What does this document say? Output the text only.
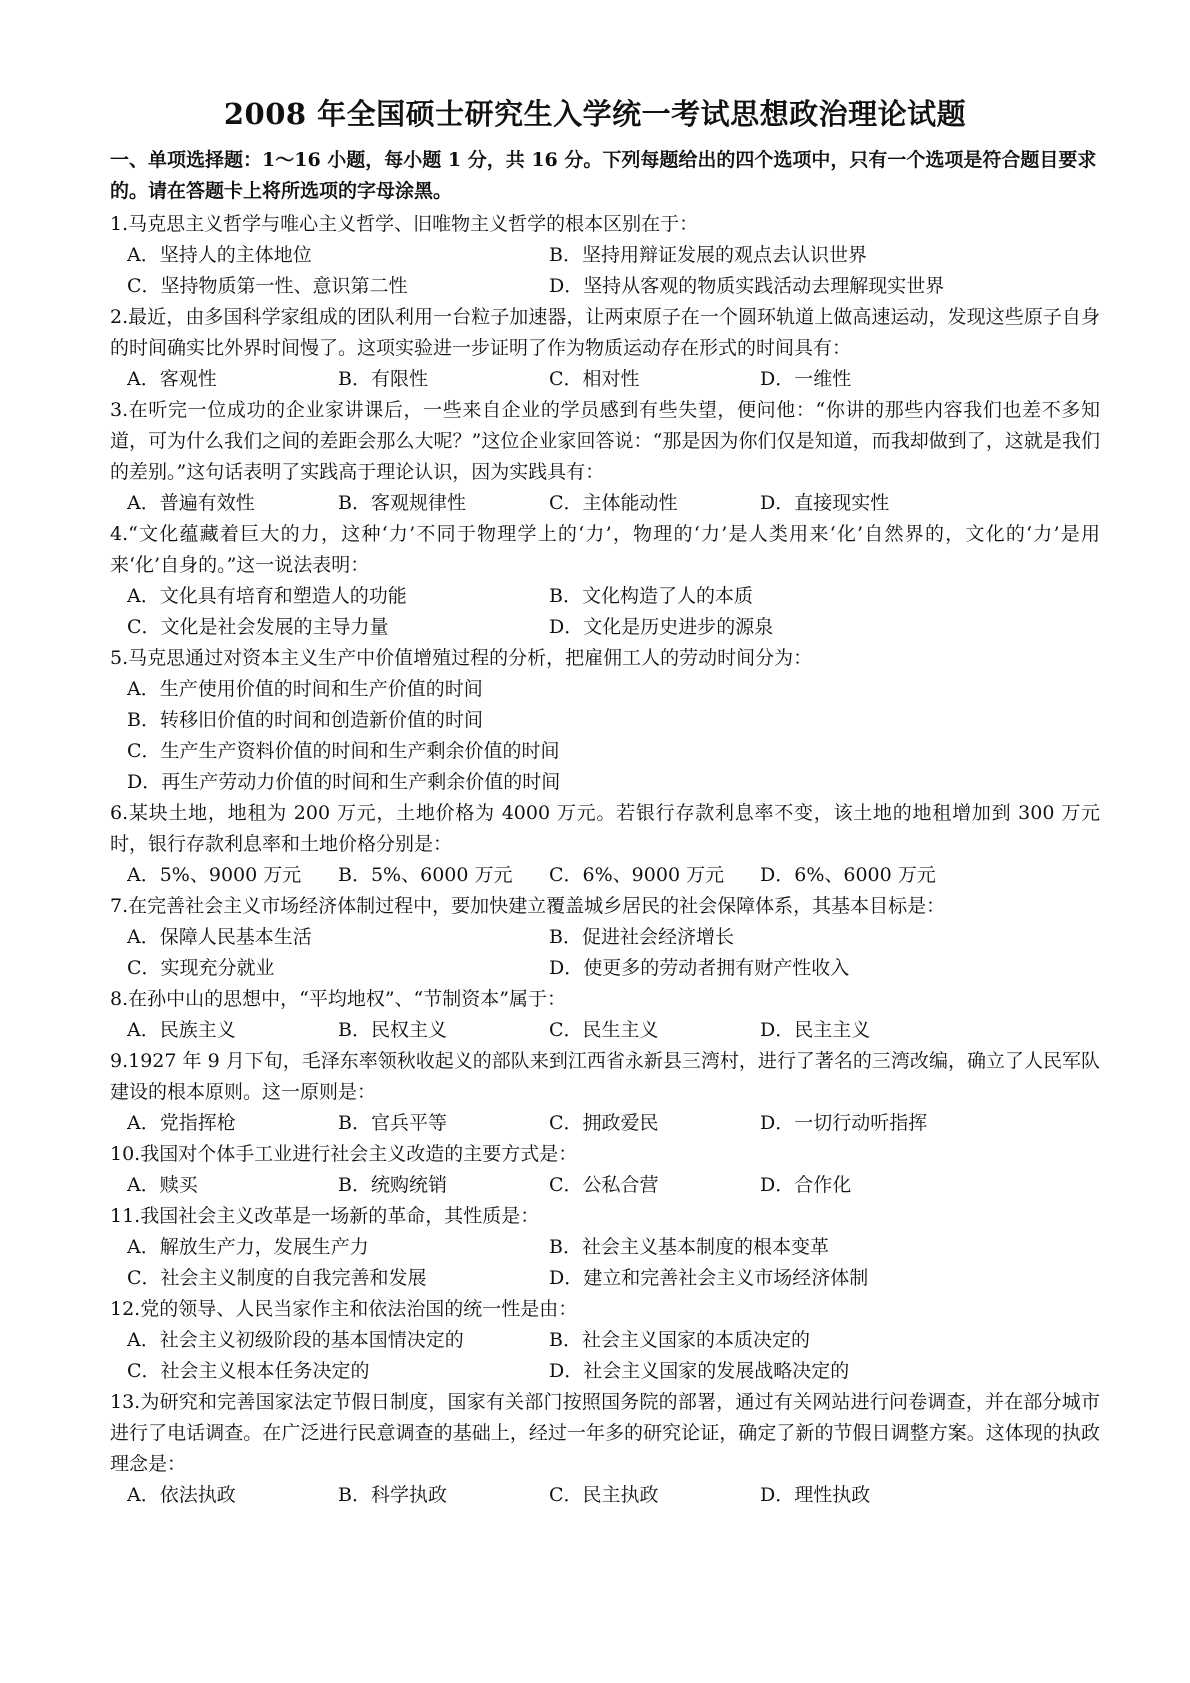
2008 年全国硕士研究生入学统一考试思想政治理论试题

一、单项选择题：1～16 小题，每小题 1 分，共 16 分。下列每题给出的四个选项中，只有一个选项是符合题目要求的。请在答题卡上将所选项的字母涂黑。

1.马克思主义哲学与唯心主义哲学、旧唯物主义哲学的根本区别在于：

A．坚持人的主体地位	B．坚持用辩证发展的观点去认识世界
C．坚持物质第一性、意识第二性	D．坚持从客观的物质实践活动去理解现实世界

2.最近，由多国科学家组成的团队利用一台粒子加速器，让两束原子在一个圆环轨道上做高速运动，发现这些原子自身的时间确实比外界时间慢了。这项实验进一步证明了作为物质运动存在形式的时间具有：

A．客观性	B．有限性	C．相对性	D．一维性

3.在听完一位成功的企业家讲课后，一些来自企业的学员感到有些失望，便问他：“你讲的那些内容我们也差不多知道，可为什么我们之间的差距会那么大呢？”这位企业家回答说：“那是因为你们仅是知道，而我却做到了，这就是我们的差别。”这句话表明了实践高于理论认识，因为实践具有：

A．普遍有效性	B．客观规律性	C．主体能动性	D．直接现实性

4.“文化蕴藏着巨大的力，这种‘力’不同于物理学上的‘力’，物理的‘力’是人类用来‘化’自然界的，文化的‘力’是用来‘化’自身的。”这一说法表明：

A．文化具有培育和塑造人的功能	B．文化构造了人的本质
C．文化是社会发展的主导力量	D．文化是历史进步的源泉

5.马克思通过对资本主义生产中价值增殖过程的分析，把雇佣工人的劳动时间分为：

A．生产使用价值的时间和生产价值的时间
B．转移旧价值的时间和创造新价值的时间
C．生产生产资料价值的时间和生产剩余价值的时间
D．再生产劳动力价值的时间和生产剩余价值的时间

6.某块土地，地租为 200 万元，土地价格为 4000 万元。若银行存款利息率不变，该土地的地租增加到 300 万元时，银行存款利息率和土地价格分别是：

A．5%、9000 万元	B．5%、6000 万元	C．6%、9000 万元	D．6%、6000 万元

7.在完善社会主义市场经济体制过程中，要加快建立覆盖城乡居民的社会保障体系，其基本目标是：

A．保障人民基本生活	B．促进社会经济增长
C．实现充分就业	D．使更多的劳动者拥有财产性收入

8.在孙中山的思想中，“平均地权”、“节制资本”属于：

A．民族主义	B．民权主义	C．民生主义	D．民主主义

9.1927 年 9 月下旬，毛泽东率领秋收起义的部队来到江西省永新县三湾村，进行了著名的三湾改编，确立了人民军队建设的根本原则。这一原则是：

A．党指挥枪	B．官兵平等	C．拥政爱民	D．一切行动听指挥

10.我国对个体手工业进行社会主义改造的主要方式是：

A．赎买	B．统购统销	C．公私合营	D．合作化

11.我国社会主义改革是一场新的革命，其性质是：

A．解放生产力，发展生产力	B．社会主义基本制度的根本变革
C．社会主义制度的自我完善和发展	D．建立和完善社会主义市场经济体制

12.党的领导、人民当家作主和依法治国的统一性是由：

A．社会主义初级阶段的基本国情决定的	B．社会主义国家的本质决定的
C．社会主义根本任务决定的	D．社会主义国家的发展战略决定的

13.为研究和完善国家法定节假日制度，国家有关部门按照国务院的部署，通过有关网站进行问卷调查，并在部分城市进行了电话调查。在广泛进行民意调查的基础上，经过一年多的研究论证，确定了新的节假日调整方案。这体现的执政理念是：

A．依法执政	B．科学执政	C．民主执政	D．理性执政
